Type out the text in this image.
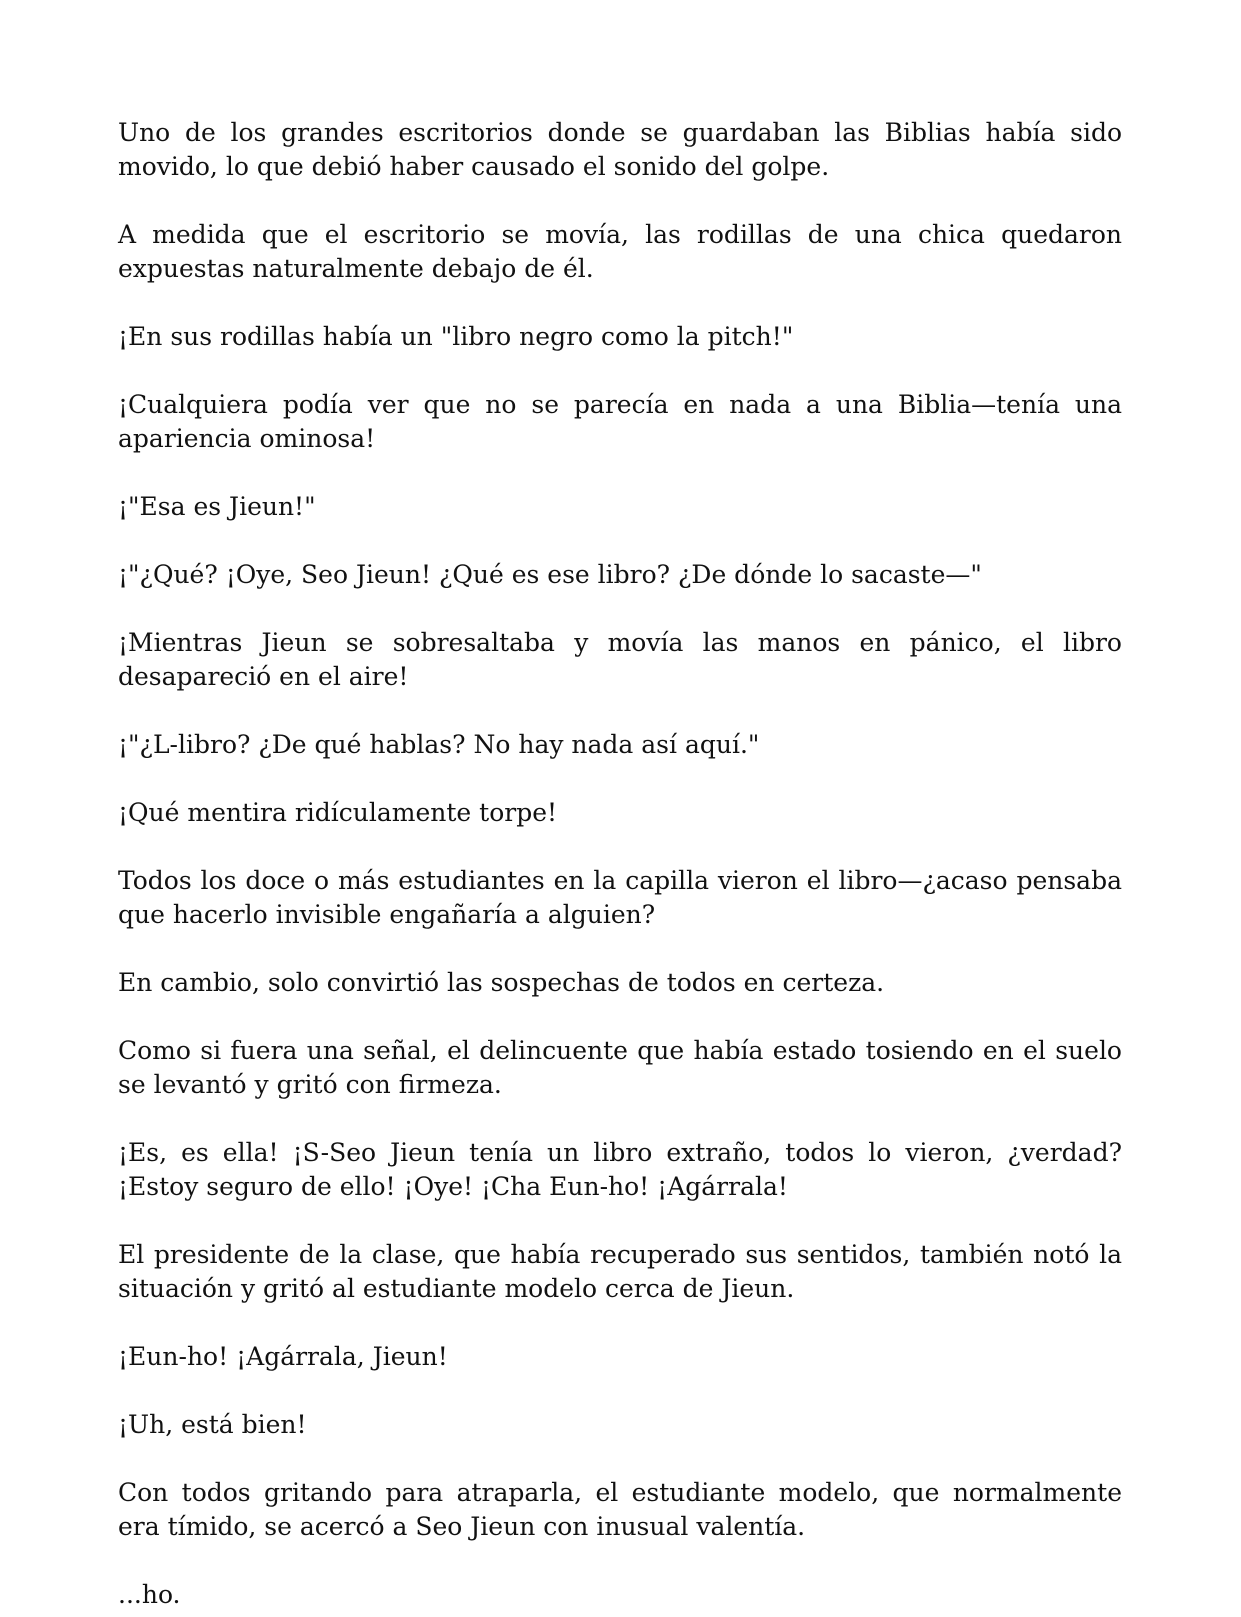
Uno de los grandes escritorios donde se guardaban las Biblias había sido movido, lo que debió haber causado el sonido del golpe.

A medida que el escritorio se movía, las rodillas de una chica quedaron expuestas naturalmente debajo de él.

¡En sus rodillas había un "libro negro como la pitch!"

¡Cualquiera podía ver que no se parecía en nada a una Biblia—tenía una apariencia ominosa!

¡"Esa es Jieun!"

¡"¿Qué? ¡Oye, Seo Jieun! ¿Qué es ese libro? ¿De dónde lo sacaste—"

¡Mientras Jieun se sobresaltaba y movía las manos en pánico, el libro desapareció en el aire!

¡"¿L-libro? ¿De qué hablas? No hay nada así aquí."

¡Qué mentira ridículamente torpe!

Todos los doce o más estudiantes en la capilla vieron el libro—¿acaso pensaba que hacerlo invisible engañaría a alguien?

En cambio, solo convirtió las sospechas de todos en certeza.

Como si fuera una señal, el delincuente que había estado tosiendo en el suelo se levantó y gritó con firmeza.

¡Es, es ella! ¡S-Seo Jieun tenía un libro extraño, todos lo vieron, ¿verdad? ¡Estoy seguro de ello! ¡Oye! ¡Cha Eun-ho! ¡Agárrala!

El presidente de la clase, que había recuperado sus sentidos, también notó la situación y gritó al estudiante modelo cerca de Jieun.

¡Eun-ho! ¡Agárrala, Jieun!

¡Uh, está bien!

Con todos gritando para atraparla, el estudiante modelo, que normalmente era tímido, se acercó a Seo Jieun con inusual valentía.

...ho.
